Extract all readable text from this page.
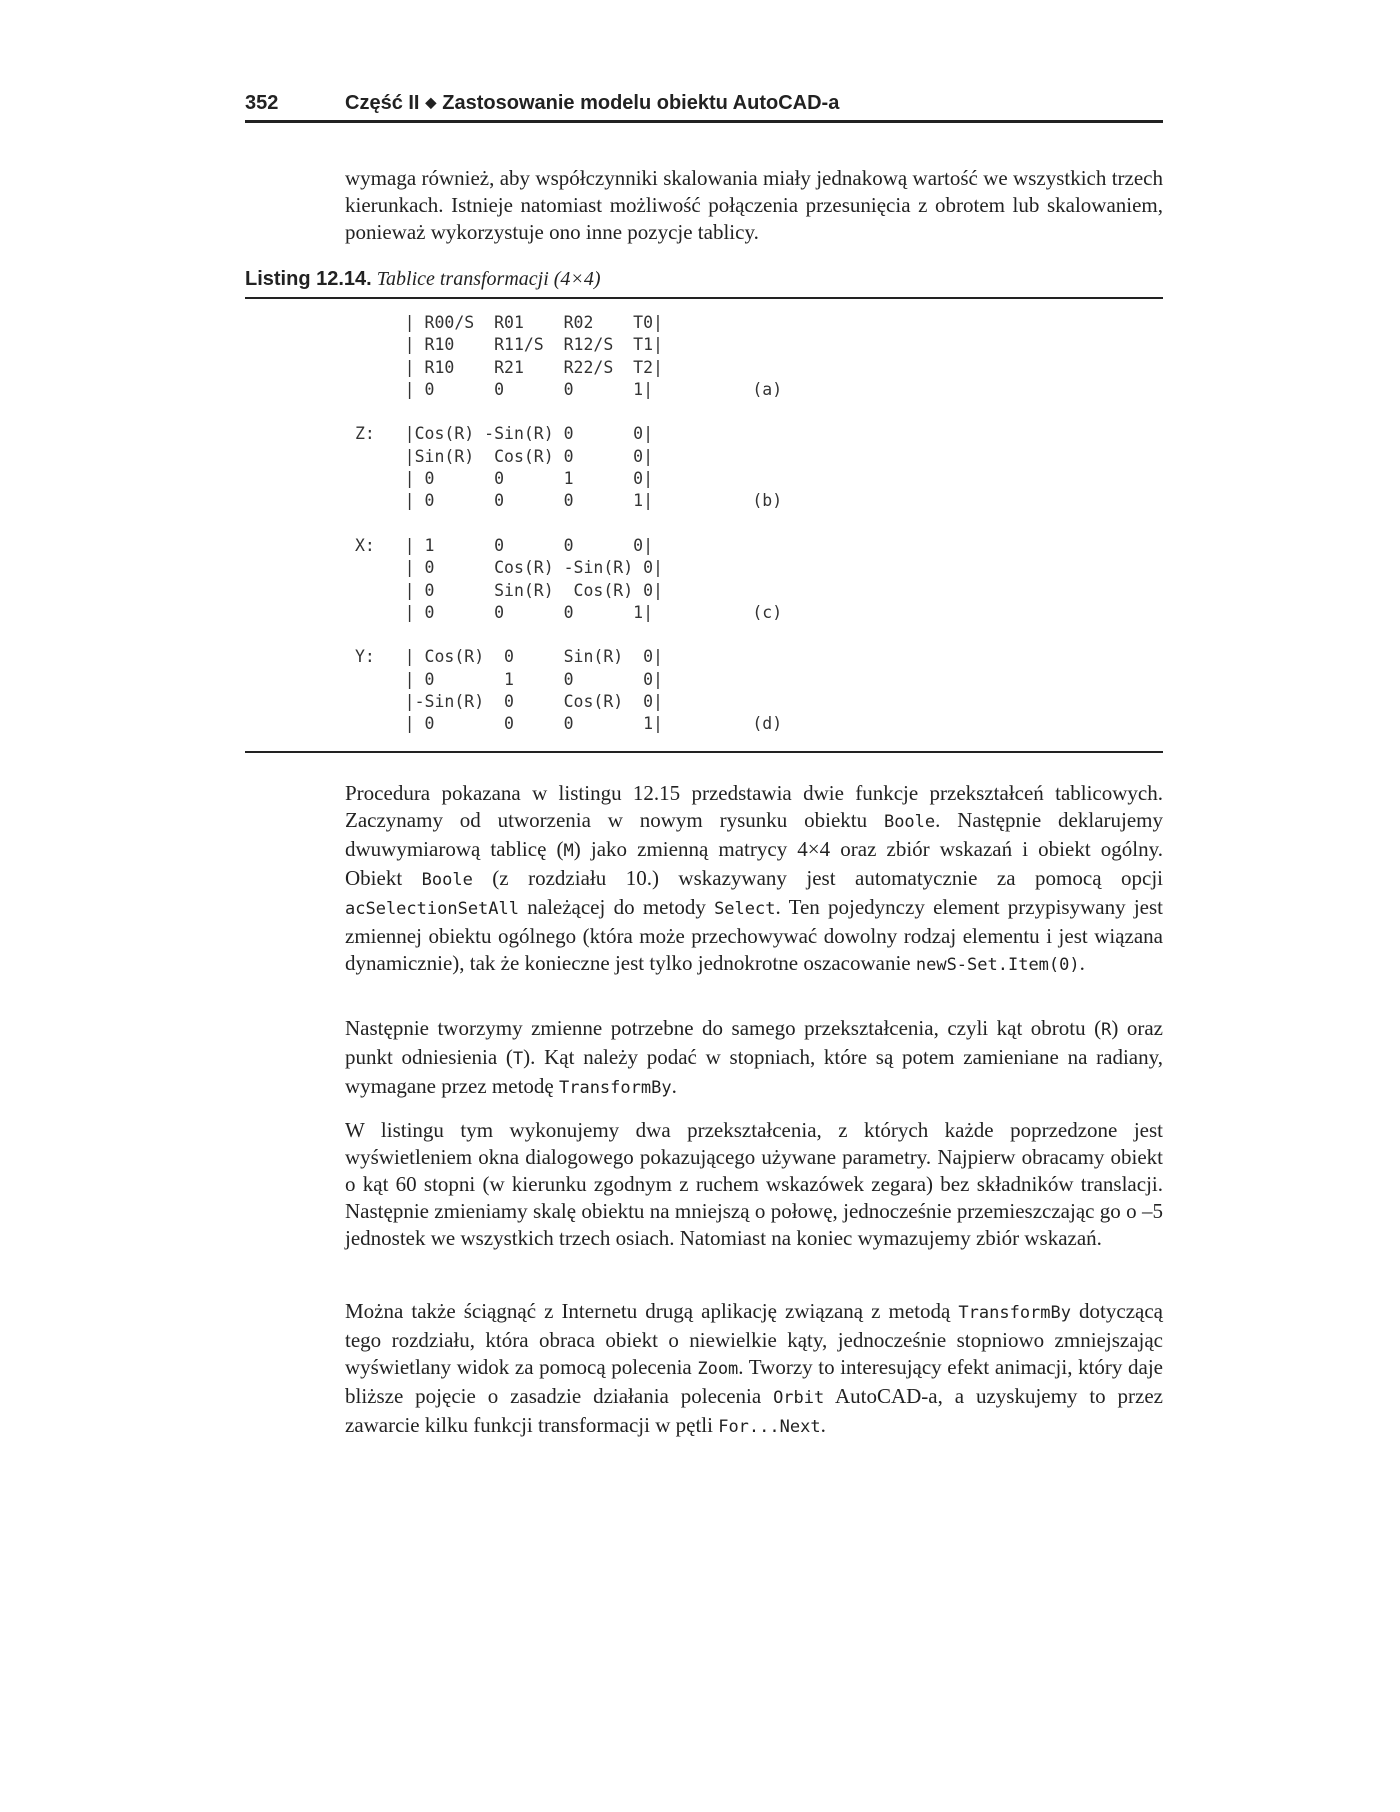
352	Część II ◆ Zastosowanie modelu obiektu AutoCAD-a

wymaga również, aby współczynniki skalowania miały jednakową wartość we wszystkich trzech kierunkach. Istnieje natomiast możliwość połączenia przesunięcia z obrotem lub skalowaniem, ponieważ wykorzystuje ono inne pozycje tablicy.

Listing 12.14. Tablice transformacji (4×4)
| R00/S  R01    R02    T0|
| R10    R11/S  R12/S  T1|
| R10    R21    R22/S  T2|
| 0      0      0      1|          (a)

Z:   |Cos(R) -Sin(R) 0      0|
|Sin(R)  Cos(R) 0      0|
| 0      0      1      0|
| 0      0      0      1|          (b)

X:   | 1      0      0      0|
| 0      Cos(R) -Sin(R) 0|
| 0      Sin(R)  Cos(R) 0|
| 0      0      0      1|          (c)

Y:   | Cos(R)  0     Sin(R)  0|
| 0       1     0       0|
|-Sin(R)  0     Cos(R)  0|
| 0       0     0       1|         (d)

Procedura pokazana w listingu 12.15 przedstawia dwie funkcje przekształceń tablicowych. Zaczynamy od utworzenia w nowym rysunku obiektu Boole. Następnie deklarujemy dwuwymiarową tablicę (M) jako zmienną matrycy 4×4 oraz zbiór wskazań i obiekt ogólny. Obiekt Boole (z rozdziału 10.) wskazywany jest automatycznie za pomocą opcji acSelectionSetAll należącej do metody Select. Ten pojedynczy element przypisywany jest zmiennej obiektu ogólnego (która może przechowywać dowolny rodzaj elementu i jest wiązana dynamicznie), tak że konieczne jest tylko jednokrotne oszacowanie newS-Set.Item(0).

Następnie tworzymy zmienne potrzebne do samego przekształcenia, czyli kąt obrotu (R) oraz punkt odniesienia (T). Kąt należy podać w stopniach, które są potem zamieniane na radiany, wymagane przez metodę TransformBy.

W listingu tym wykonujemy dwa przekształcenia, z których każde poprzedzone jest wyświetleniem okna dialogowego pokazującego używane parametry. Najpierw obracamy obiekt o kąt 60 stopni (w kierunku zgodnym z ruchem wskazówek zegara) bez składników translacji. Następnie zmieniamy skalę obiektu na mniejszą o połowę, jednocześnie przemieszczając go o –5 jednostek we wszystkich trzech osiach. Natomiast na koniec wymazujemy zbiór wskazań.

Można także ściągnąć z Internetu drugą aplikację związaną z metodą TransformBy dotyczącą tego rozdziału, która obraca obiekt o niewielkie kąty, jednocześnie stopniowo zmniejszając wyświetlany widok za pomocą polecenia Zoom. Tworzy to interesujący efekt animacji, który daje bliższe pojęcie o zasadzie działania polecenia Orbit AutoCAD-a, a uzyskujemy to przez zawarcie kilku funkcji transformacji w pętli For...Next.
